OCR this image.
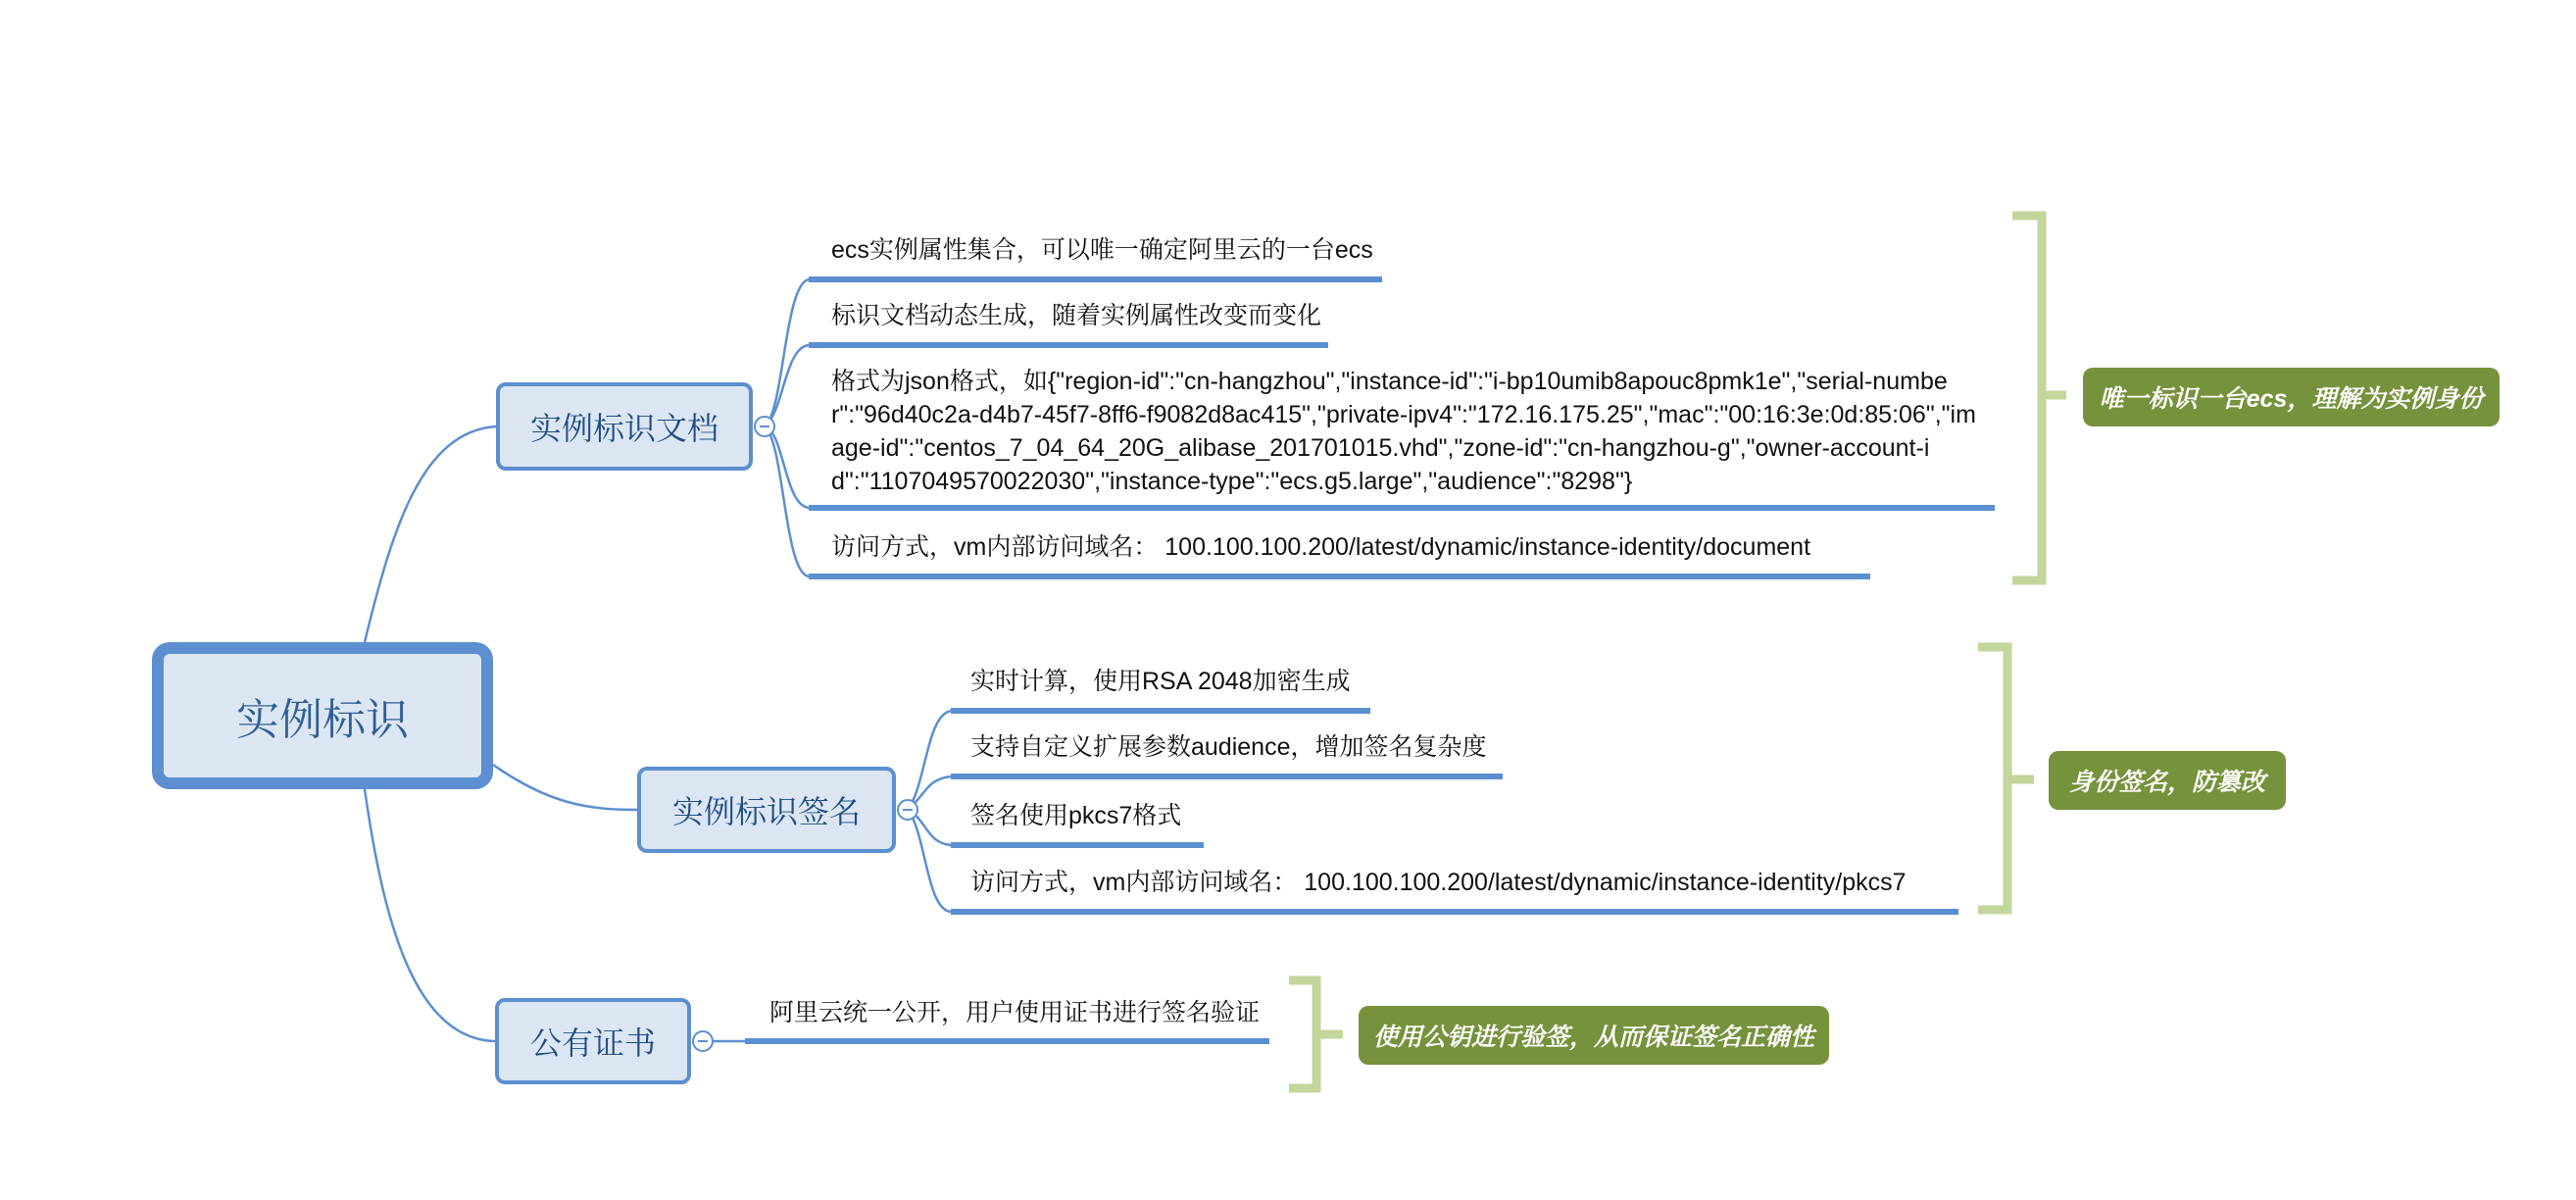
实例标识
实例标识文档
实例标识签名
公有证书
ecs实例属性集合，可以唯一确定阿里云的一台ecs
标识文档动态生成，随着实例属性改变而变化
格式为json格式，如{"region-id":"cn-hangzhou","instance-id":"i-bp10umib8apouc8pmk1e","serial-number":"96d40c2a-d4b7-45f7-8ff6-f9082d8ac415","private-ipv4":"172.16.175.25","mac":"00:16:3e:0d:85:06","image-id":"centos_7_04_64_20G_alibase_201701015.vhd","zone-id":"cn-hangzhou-g","owner-account-id":"1107049570022030","instance-type":"ecs.g5.large","audience":"8298"}
访问方式，vm内部访问域名： 100.100.100.200/latest/dynamic/instance-identity/document
实时计算，使用RSA 2048加密生成
支持自定义扩展参数audience，增加签名复杂度
签名使用pkcs7格式
访问方式，vm内部访问域名： 100.100.100.200/latest/dynamic/instance-identity/pkcs7
阿里云统一公开，用户使用证书进行签名验证
唯一标识一台ecs，理解为实例身份
身份签名，防篡改
使用公钥进行验签，从而保证签名正确性
